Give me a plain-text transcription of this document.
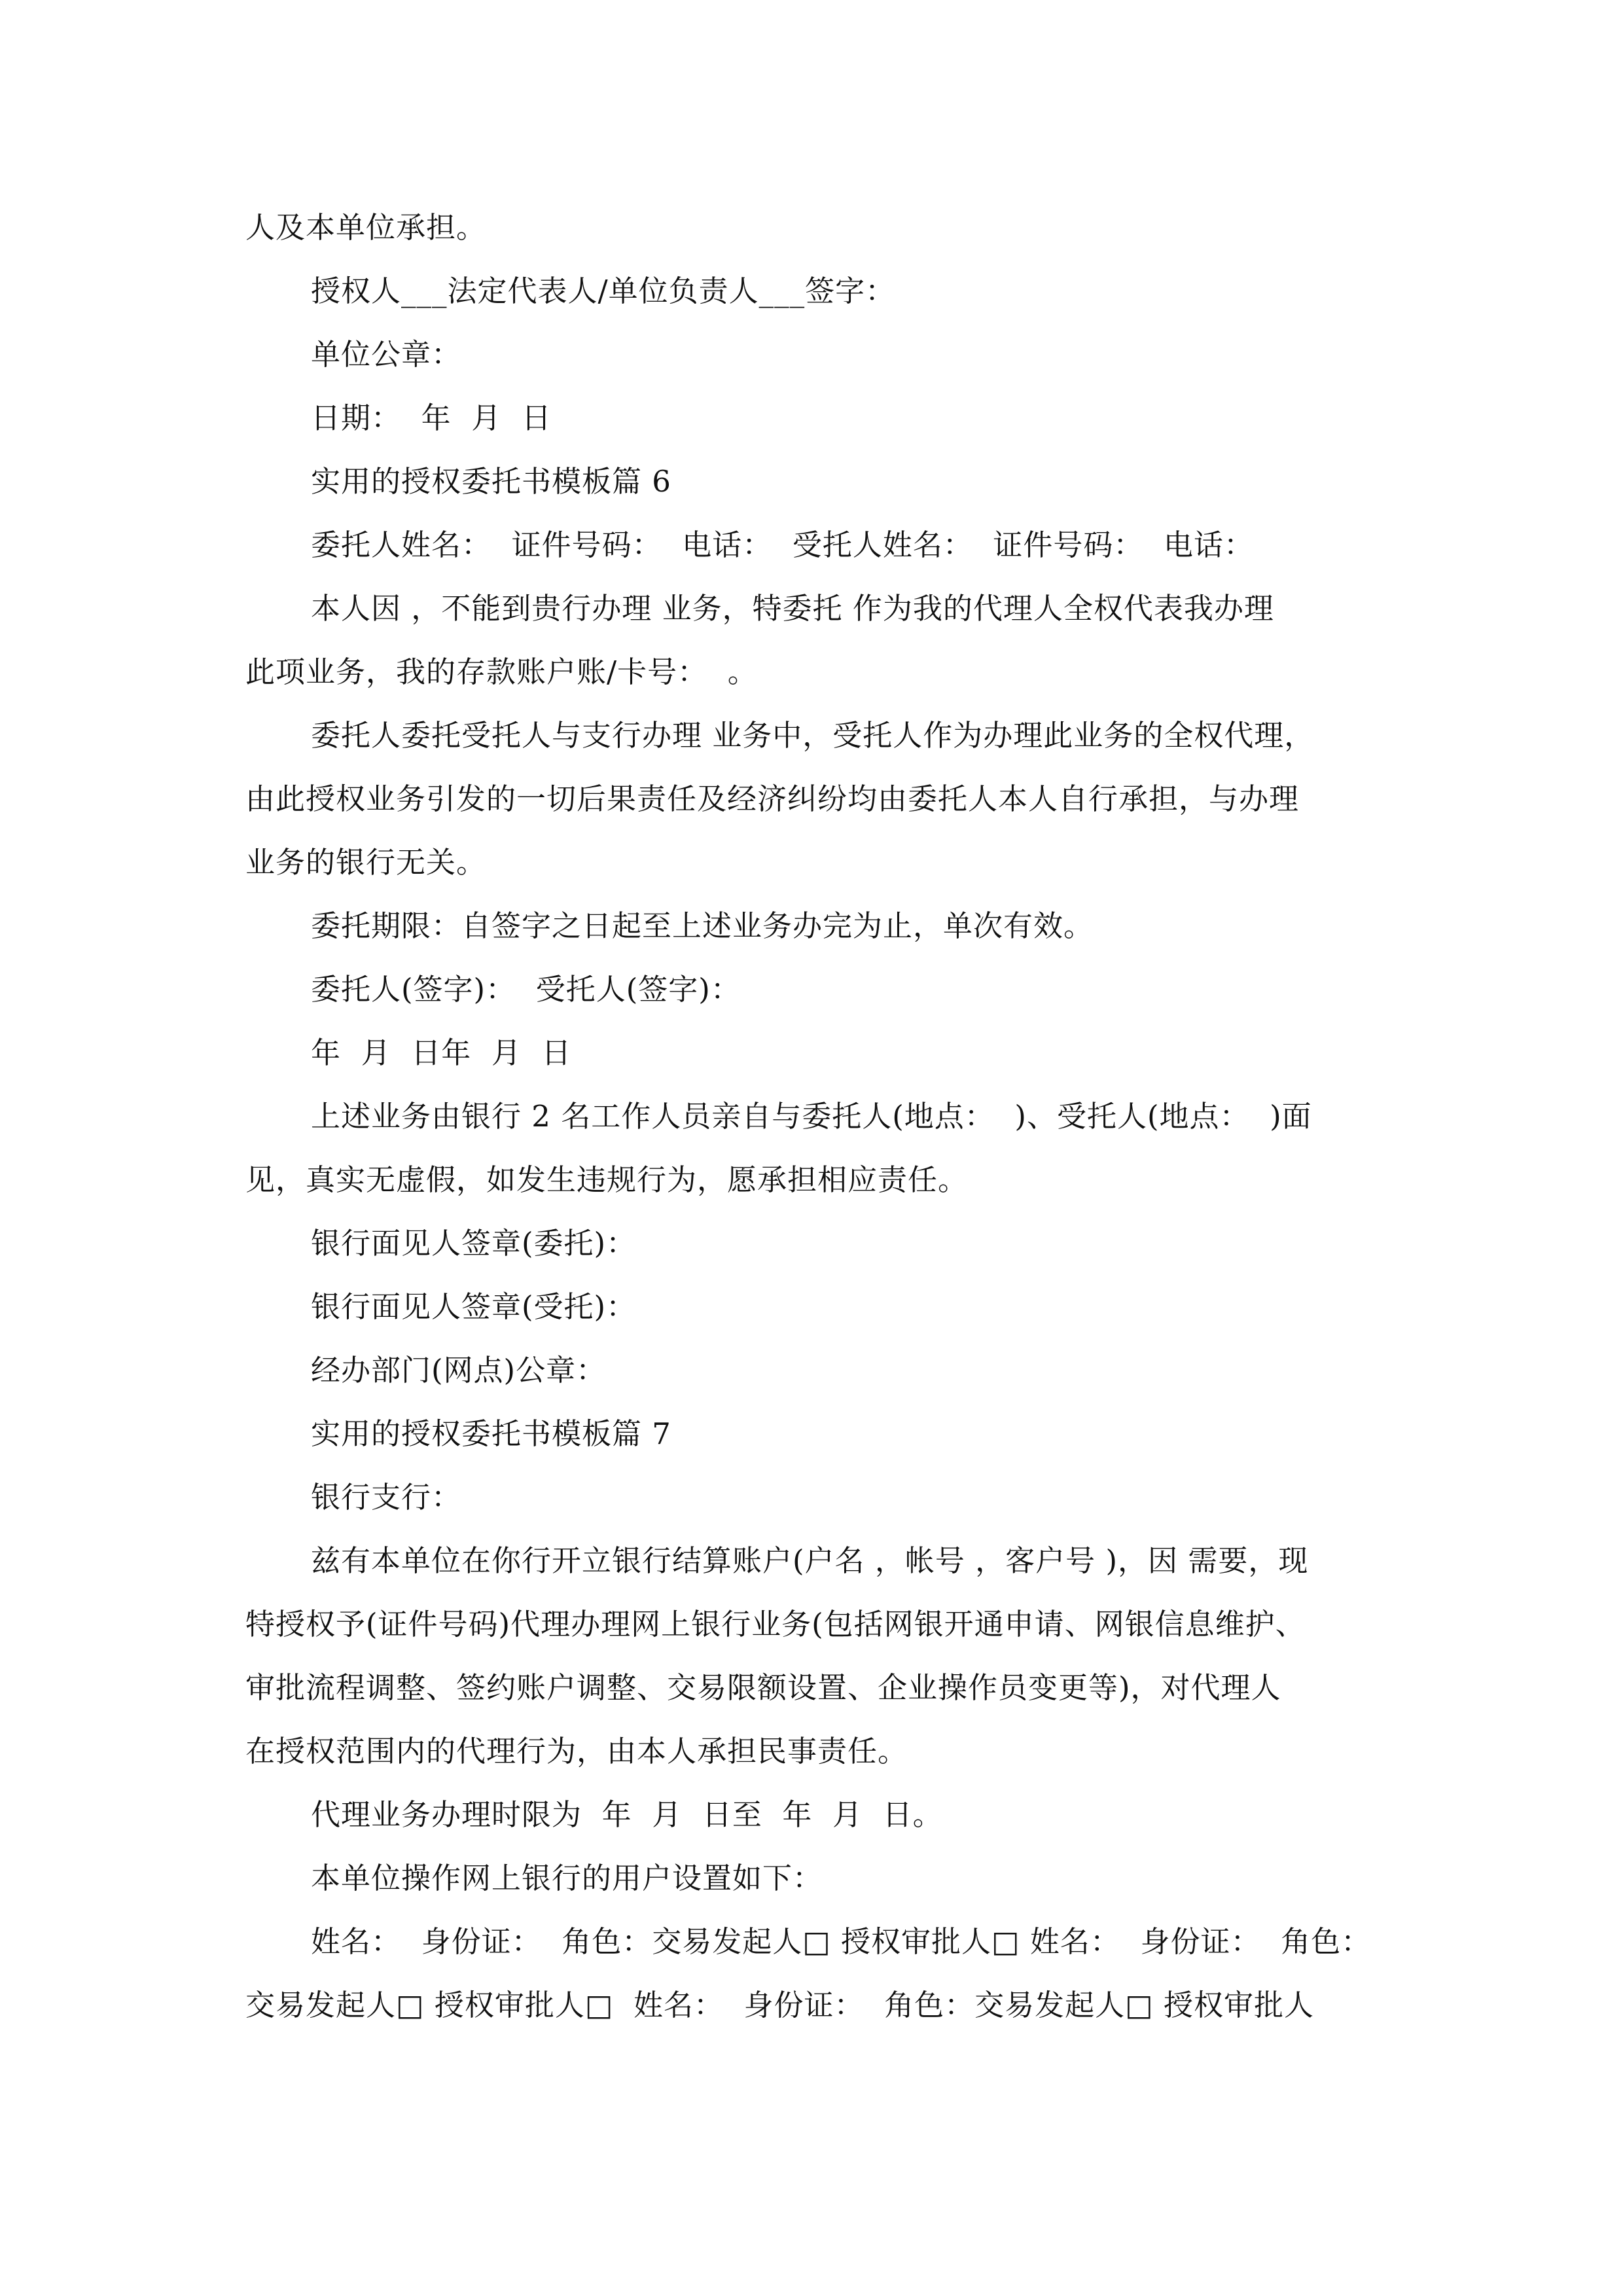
人及本单位承担。
授权人___法定代表人/单位负责人___签字：
单位公章：
日期：  年  月  日
实用的授权委托书模板篇 6
委托人姓名：  证件号码：  电话：  受托人姓名：  证件号码：  电话：
本人因 ，不能到贵行办理 业务，特委托 作为我的代理人全权代表我办理
此项业务，我的存款账户账/卡号：  。
委托人委托受托人与支行办理 业务中，受托人作为办理此业务的全权代理，
由此授权业务引发的一切后果责任及经济纠纷均由委托人本人自行承担，与办理
业务的银行无关。
委托期限：自签字之日起至上述业务办完为止，单次有效。
委托人(签字)：  受托人(签字)：
年  月  日年  月  日
上述业务由银行 2 名工作人员亲自与委托人(地点：  )、受托人(地点：  )面
见，真实无虚假，如发生违规行为，愿承担相应责任。
银行面见人签章(委托)：
银行面见人签章(受托)：
经办部门(网点)公章：
实用的授权委托书模板篇 7
银行支行：
兹有本单位在你行开立银行结算账户(户名 ，帐号 ，客户号 )，因 需要，现
特授权予(证件号码)代理办理网上银行业务(包括网银开通申请、网银信息维护、
审批流程调整、签约账户调整、交易限额设置、企业操作员变更等)，对代理人
在授权范围内的代理行为，由本人承担民事责任。
代理业务办理时限为  年  月  日至  年  月  日。
本单位操作网上银行的用户设置如下：
姓名：  身份证：  角色：交易发起人□ 授权审批人□ 姓名：  身份证：  角色：
交易发起人□ 授权审批人□  姓名：  身份证：  角色：交易发起人□ 授权审批人
